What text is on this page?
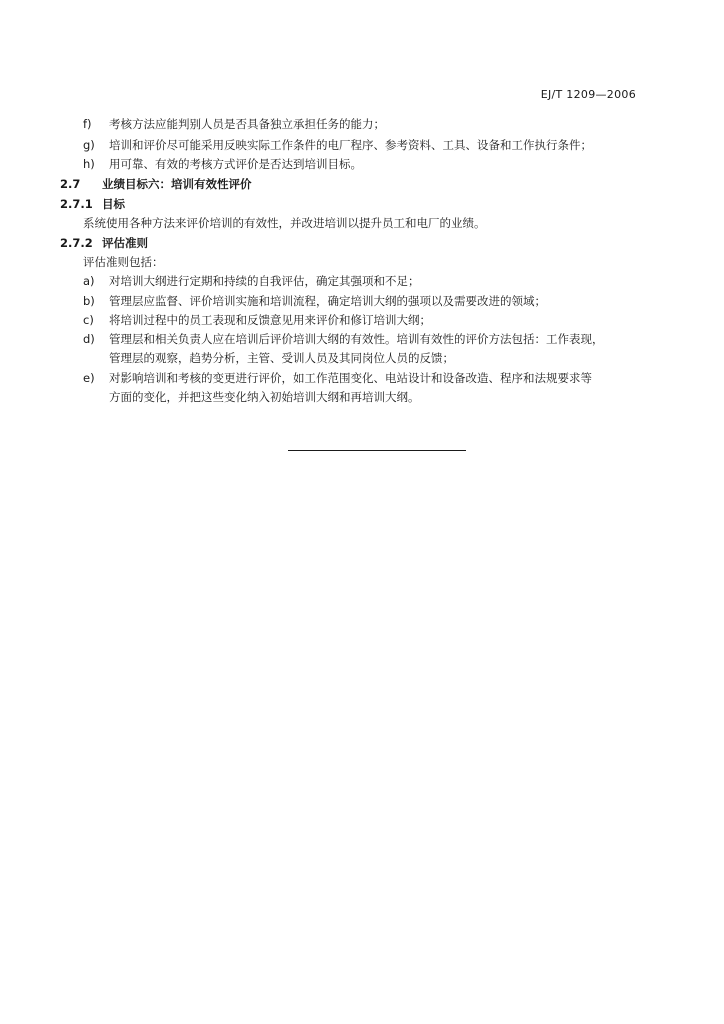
EJ/T 1209—2006
f) 考核方法应能判别人员是否具备独立承担任务的能力；
g) 培训和评价尽可能采用反映实际工作条件的电厂程序、参考资料、工具、设备和工作执行条件；
h) 用可靠、有效的考核方式评价是否达到培训目标。
2.7 业绩目标六：培训有效性评价
2.7.1 目标
系统使用各种方法来评价培训的有效性，并改进培训以提升员工和电厂的业绩。
2.7.2 评估准则
评估准则包括：
a) 对培训大纲进行定期和持续的自我评估，确定其强项和不足；
b) 管理层应监督、评价培训实施和培训流程，确定培训大纲的强项以及需要改进的领域；
c) 将培训过程中的员工表现和反馈意见用来评价和修订培训大纲；
d) 管理层和相关负责人应在培训后评价培训大纲的有效性。培训有效性的评价方法包括：工作表现，
管理层的观察，趋势分析，主管、受训人员及其同岗位人员的反馈；
e) 对影响培训和考核的变更进行评价，如工作范围变化、电站设计和设备改造、程序和法规要求等
方面的变化，并把这些变化纳入初始培训大纲和再培训大纲。
